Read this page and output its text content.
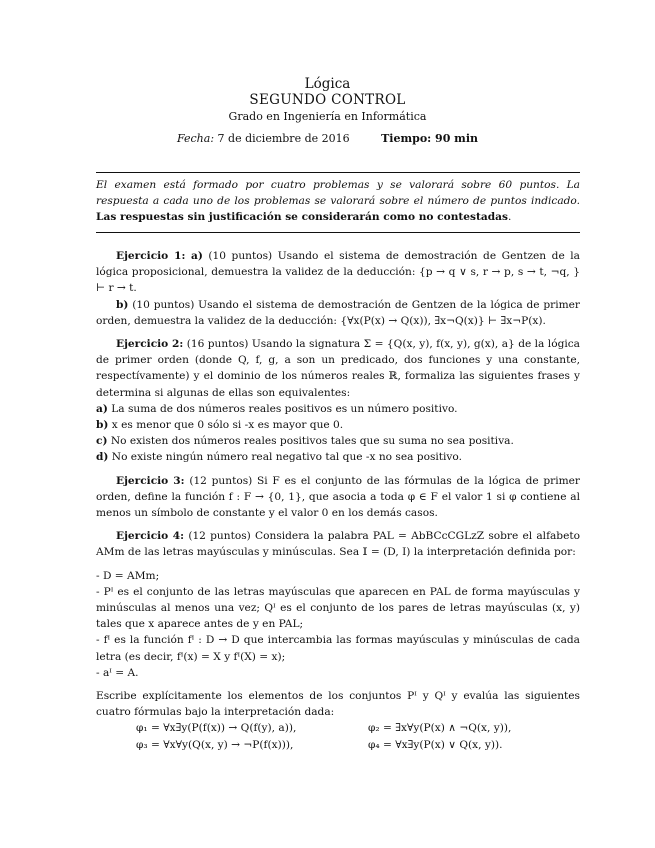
Lógica
SEGUNDO CONTROL
Grado en Ingeniería en Informática
Fecha: 7 de diciembre de 2016	Tiempo: 90 min
El examen está formado por cuatro problemas y se valorará sobre 60 puntos. La respuesta a cada uno de los problemas se valorará sobre el número de puntos indicado. Las respuestas sin justificación se considerarán como no contestadas.

Ejercicio 1: a) (10 puntos) Usando el sistema de demostración de Gentzen de la lógica proposicional, demuestra la validez de la deducción: {p → q ∨ s, r → p, s → t, ¬q, } ⊢ r → t.

b) (10 puntos) Usando el sistema de demostración de Gentzen de la lógica de primer orden, demuestra la validez de la deducción: {∀x(P(x) → Q(x)), ∃x¬Q(x)} ⊢ ∃x¬P(x).

Ejercicio 2: (16 puntos) Usando la signatura Σ = {Q(x, y), f(x, y), g(x), a} de la lógica de primer orden (donde Q, f, g, a son un predicado, dos funciones y una constante, respectívamente) y el dominio de los números reales ℝ, formaliza las siguientes frases y determina si algunas de ellas son equivalentes:

a) La suma de dos números reales positivos es un número positivo.

b) x es menor que 0 sólo si -x es mayor que 0.

c) No existen dos números reales positivos tales que su suma no sea positiva.

d) No existe ningún número real negativo tal que -x no sea positivo.

Ejercicio 3: (12 puntos) Si F es el conjunto de las fórmulas de la lógica de primer orden, define la función f : F → {0, 1}, que asocia a toda φ ∈ F el valor 1 si φ contiene al menos un símbolo de constante y el valor 0 en los demás casos.

Ejercicio 4: (12 puntos) Considera la palabra PAL = AbBCcCGLzZ sobre el alfabeto AMm de las letras mayúsculas y minúsculas. Sea 𝕀 = (D, I) la interpretación definida por:

- D = AMm;

- Pᴵ es el conjunto de las letras mayúsculas que aparecen en PAL de forma mayúsculas y minúsculas al menos una vez; Qᴵ es el conjunto de los pares de letras mayúsculas (x, y) tales que x aparece antes de y en PAL;

- fᴵ es la función fᴵ : D → D que intercambia las formas mayúsculas y minúsculas de cada letra (es decir, fᴵ(x) = X y fᴵ(X) = x);

- aᴵ = A.

Escribe explícitamente los elementos de los conjuntos Pᴵ y Qᴵ y evalúa las siguientes cuatro fórmulas bajo la interpretación dada:

φ₁ = ∀x∃y(P(f(x)) → Q(f(y), a)),	φ₂ = ∃x∀y(P(x) ∧ ¬Q(x, y)),
φ₃ = ∀x∀y(Q(x, y) → ¬P(f(x))),	φ₄ = ∀x∃y(P(x) ∨ Q(x, y)).
